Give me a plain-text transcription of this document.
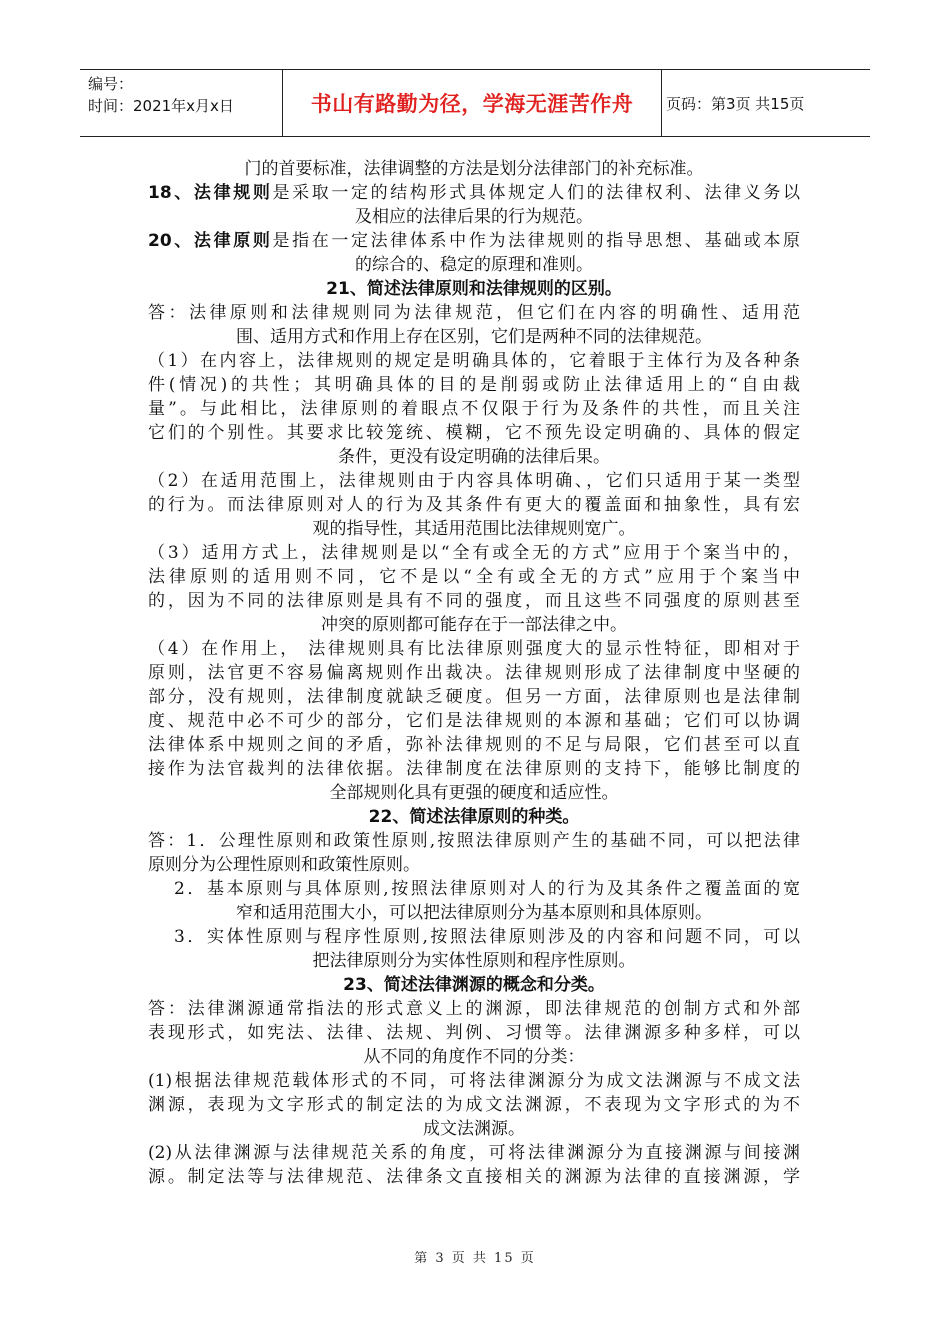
编号：
时间：2021年x月x日	书山有路勤为径，学海无涯苦作舟 页码：第3页 共15页

门的首要标准，法律调整的方法是划分法律部门的补充标准。

18、法律规则是采取一定的结构形式具体规定人们的法律权利、法律义务以

及相应的法律后果的行为规范。

20、法律原则是指在一定法律体系中作为法律规则的指导思想、基础或本原

的综合的、稳定的原理和准则。

21、简述法律原则和法律规则的区别。

答：法律原则和法律规则同为法律规范，但它们在内容的明确性、适用范

围、适用方式和作用上存在区别，它们是两种不同的法律规范。

（1）在内容上，法律规则的规定是明确具体的，它着眼于主体行为及各种条

件(情况)的共性；其明确具体的目的是削弱或防止法律适用上的“自由裁

量”。与此相比，法律原则的着眼点不仅限于行为及条件的共性，而且关注

它们的个别性。其要求比较笼统、模糊，它不预先设定明确的、具体的假定

条件，更没有设定明确的法律后果。

（2）在适用范围上，法律规则由于内容具体明确、，它们只适用于某一类型

的行为。而法律原则对人的行为及其条件有更大的覆盖面和抽象性，具有宏

观的指导性，其适用范围比法律规则宽广。

（3）适用方式上，法律规则是以“全有或全无的方式”应用于个案当中的，

法律原则的适用则不同，它不是以“全有或全无的方式”应用于个案当中

的，因为不同的法律原则是具有不同的强度，而且这些不同强度的原则甚至

冲突的原则都可能存在于一部法律之中。

（4）在作用上， 法律规则具有比法律原则强度大的显示性特征，即相对于

原则，法官更不容易偏离规则作出裁决。法律规则形成了法律制度中坚硬的

部分，没有规则，法律制度就缺乏硬度。但另一方面，法律原则也是法律制

度、规范中必不可少的部分，它们是法律规则的本源和基础；它们可以协调

法律体系中规则之间的矛盾，弥补法律规则的不足与局限，它们甚至可以直

接作为法官裁判的法律依据。法律制度在法律原则的支持下，能够比制度的

全部规则化具有更强的硬度和适应性。

22、简述法律原则的种类。

答：1．公理性原则和政策性原则,按照法律原则产生的基础不同，可以把法律

原则分为公理性原则和政策性原则。

2．基本原则与具体原则,按照法律原则对人的行为及其条件之覆盖面的宽

窄和适用范围大小，可以把法律原则分为基本原则和具体原则。

3．实体性原则与程序性原则,按照法律原则涉及的内容和问题不同，可以

把法律原则分为实体性原则和程序性原则。

23、简述法律渊源的概念和分类。

答：法律渊源通常指法的形式意义上的渊源，即法律规范的创制方式和外部

表现形式，如宪法、法律、法规、判例、习惯等。法律渊源多种多样，可以

从不同的角度作不同的分类：

(1)根据法律规范载体形式的不同，可将法律渊源分为成文法渊源与不成文法

渊源，表现为文字形式的制定法的为成文法渊源，不表现为文字形式的为不

成文法渊源。

(2)从法律渊源与法律规范关系的角度，可将法律渊源分为直接渊源与间接渊

源。制定法等与法律规范、法律条文直接相关的渊源为法律的直接渊源，学

第 3 页 共 15 页
